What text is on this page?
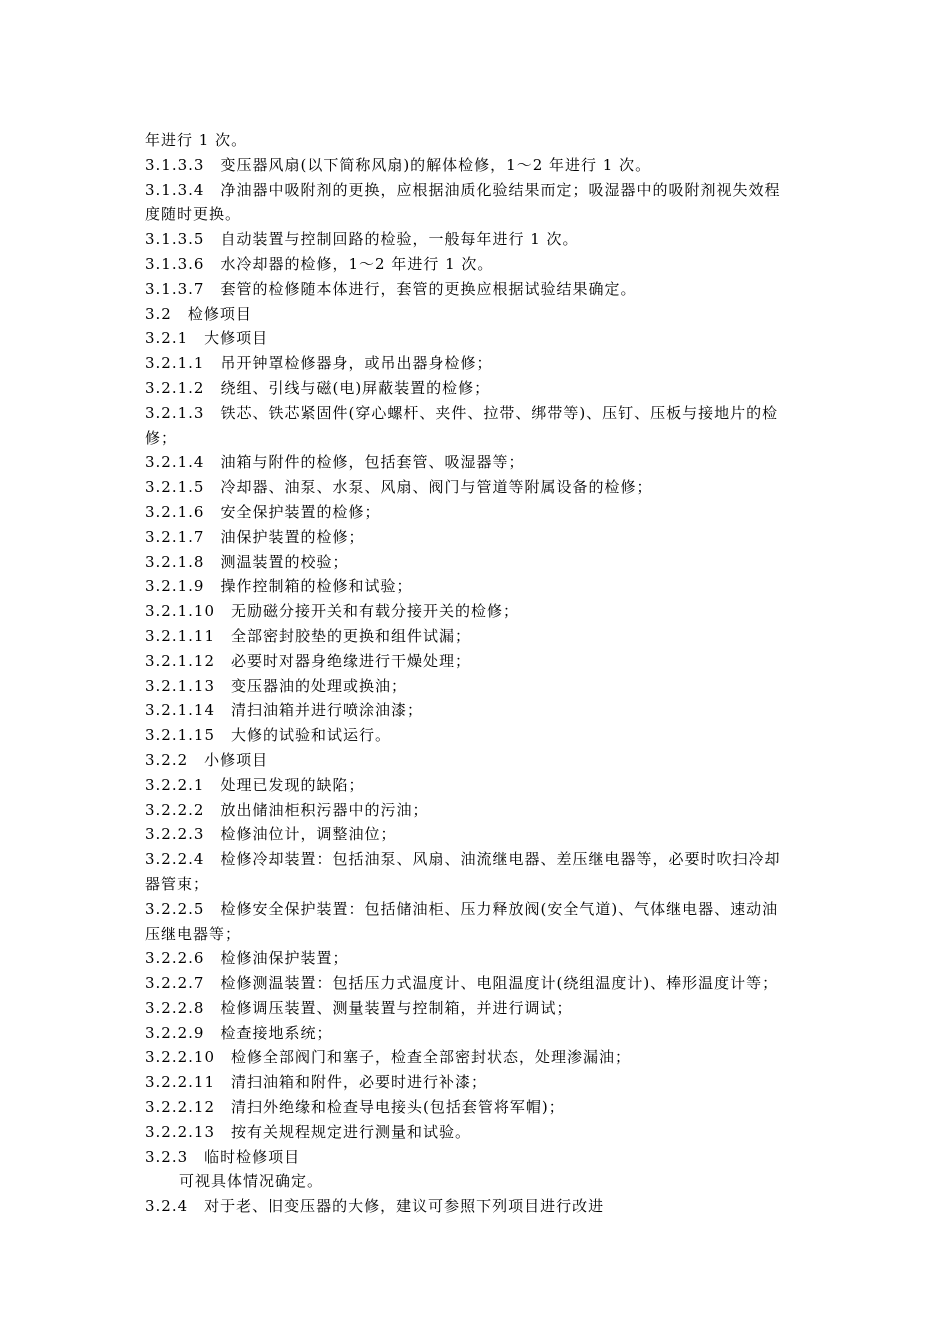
年进行 1 次。
3.1.3.3　变压器风扇(以下简称风扇)的解体检修，1～2 年进行 1 次。
3.1.3.4　净油器中吸附剂的更换，应根据油质化验结果而定；吸湿器中的吸附剂视失效程
度随时更换。
3.1.3.5　自动装置与控制回路的检验，一般每年进行 1 次。
3.1.3.6　水冷却器的检修，1～2 年进行 1 次。
3.1.3.7　套管的检修随本体进行，套管的更换应根据试验结果确定。
3.2　检修项目
3.2.1　大修项目
3.2.1.1　吊开钟罩检修器身，或吊出器身检修；
3.2.1.2　绕组、引线与磁(电)屏蔽装置的检修；
3.2.1.3　铁芯、铁芯紧固件(穿心螺杆、夹件、拉带、绑带等)、压钉、压板与接地片的检
修；
3.2.1.4　油箱与附件的检修，包括套管、吸湿器等；
3.2.1.5　冷却器、油泵、水泵、风扇、阀门与管道等附属设备的检修；
3.2.1.6　安全保护装置的检修；
3.2.1.7　油保护装置的检修；
3.2.1.8　测温装置的校验；
3.2.1.9　操作控制箱的检修和试验；
3.2.1.10　无励磁分接开关和有载分接开关的检修；
3.2.1.11　全部密封胶垫的更换和组件试漏；
3.2.1.12　必要时对器身绝缘进行干燥处理；
3.2.1.13　变压器油的处理或换油；
3.2.1.14　清扫油箱并进行喷涂油漆；
3.2.1.15　大修的试验和试运行。
3.2.2　小修项目
3.2.2.1　处理已发现的缺陷；
3.2.2.2　放出储油柜积污器中的污油；
3.2.2.3　检修油位计，调整油位；
3.2.2.4　检修冷却装置：包括油泵、风扇、油流继电器、差压继电器等，必要时吹扫冷却
器管束；
3.2.2.5　检修安全保护装置：包括储油柜、压力释放阀(安全气道)、气体继电器、速动油
压继电器等；
3.2.2.6　检修油保护装置；
3.2.2.7　检修测温装置：包括压力式温度计、电阻温度计(绕组温度计)、棒形温度计等；
3.2.2.8　检修调压装置、测量装置与控制箱，并进行调试；
3.2.2.9　检查接地系统；
3.2.2.10　检修全部阀门和塞子，检查全部密封状态，处理渗漏油；
3.2.2.11　清扫油箱和附件，必要时进行补漆；
3.2.2.12　清扫外绝缘和检查导电接头(包括套管将军帽)；
3.2.2.13　按有关规程规定进行测量和试验。
3.2.3　临时检修项目
可视具体情况确定。
3.2.4　对于老、旧变压器的大修，建议可参照下列项目进行改进
